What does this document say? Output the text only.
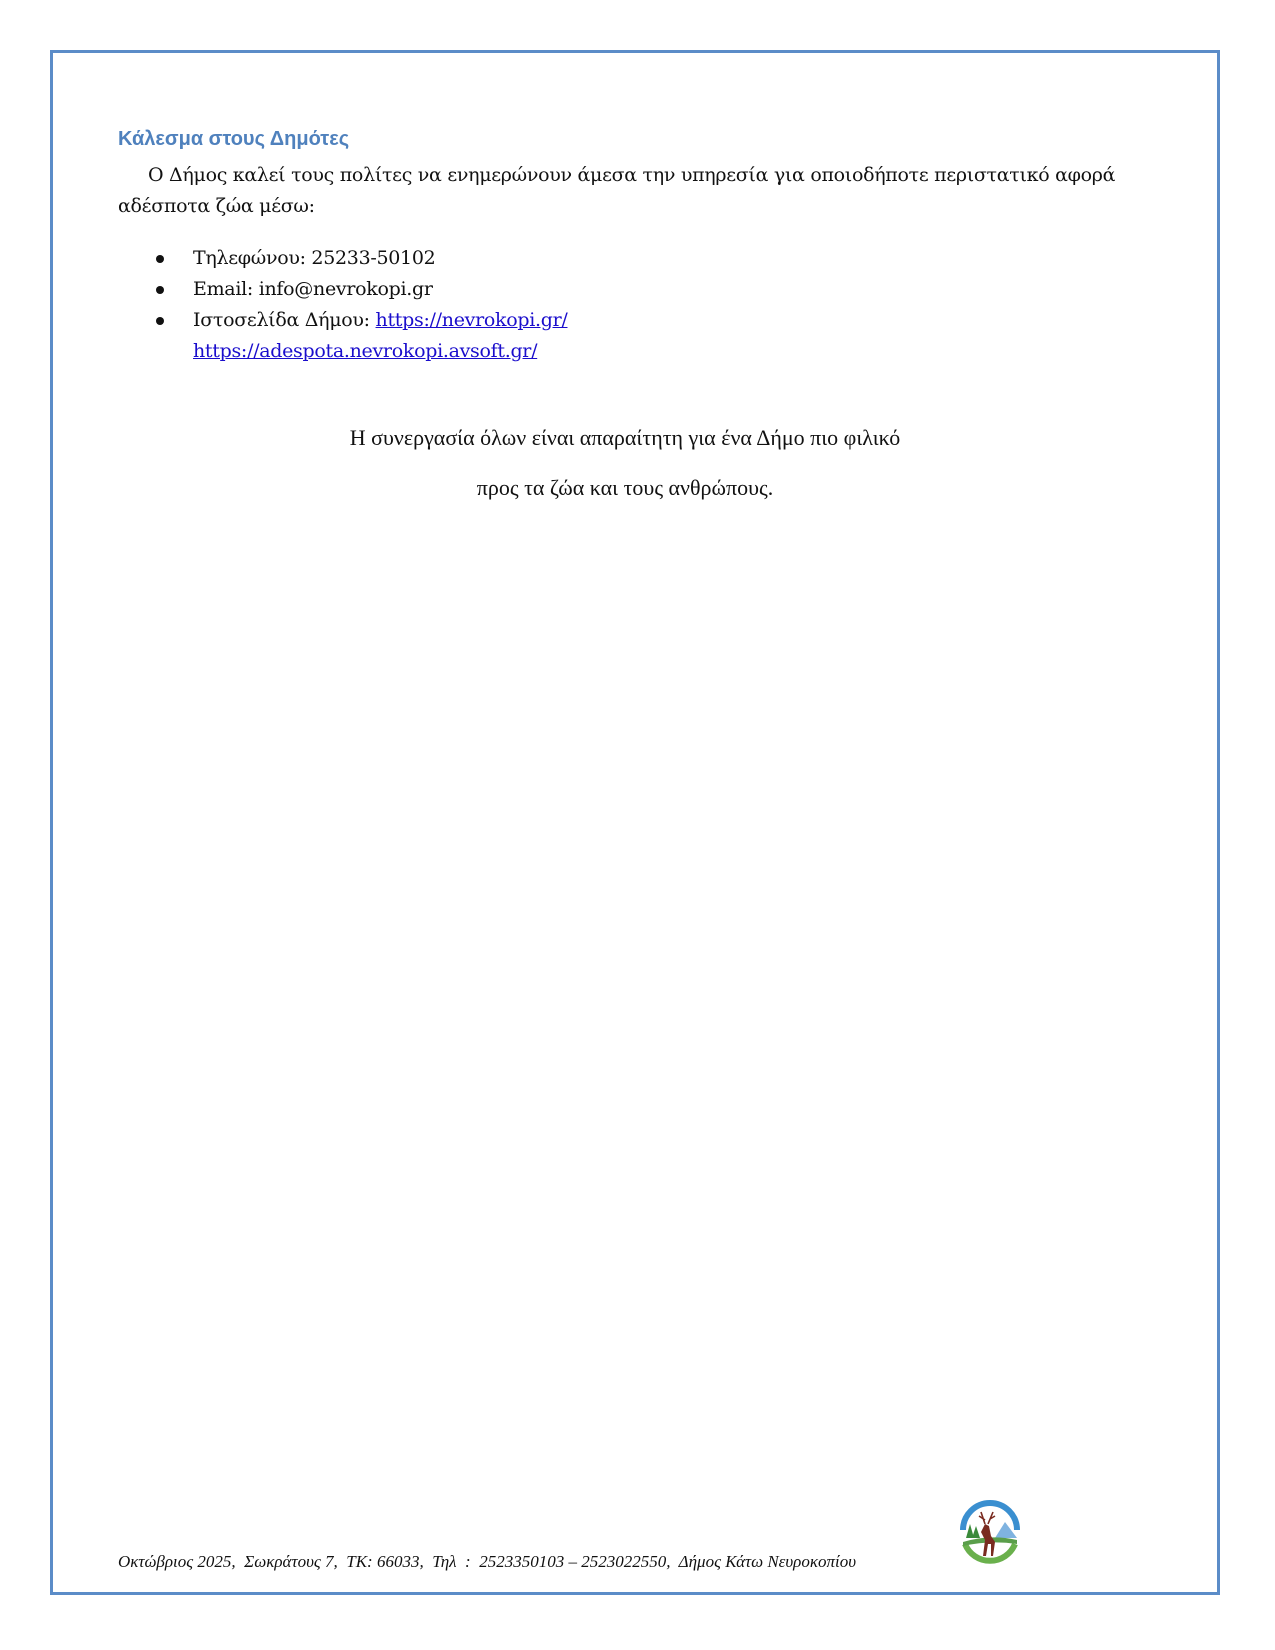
Κάλεσμα στους Δημότες

Ο Δήμος καλεί τους πολίτες να ενημερώνουν άμεσα την υπηρεσία για οποιοδήποτε περιστατικό αφορά αδέσποτα ζώα μέσω:

Τηλεφώνου: 25233-50102
Email: info@nevrokopi.gr
Ιστοσελίδα Δήμου: https://nevrokopi.gr/
https://adespota.nevrokopi.avsoft.gr/

Η συνεργασία όλων είναι απαραίτητη για ένα Δήμο πιο φιλικό

προς τα ζώα και τους ανθρώπους.

Οκτώβριος 2025,  Σωκράτους 7,  ΤΚ: 66033,  Τηλ  :  2523350103 – 2523022550,  Δήμος Κάτω Νευροκοπίου
